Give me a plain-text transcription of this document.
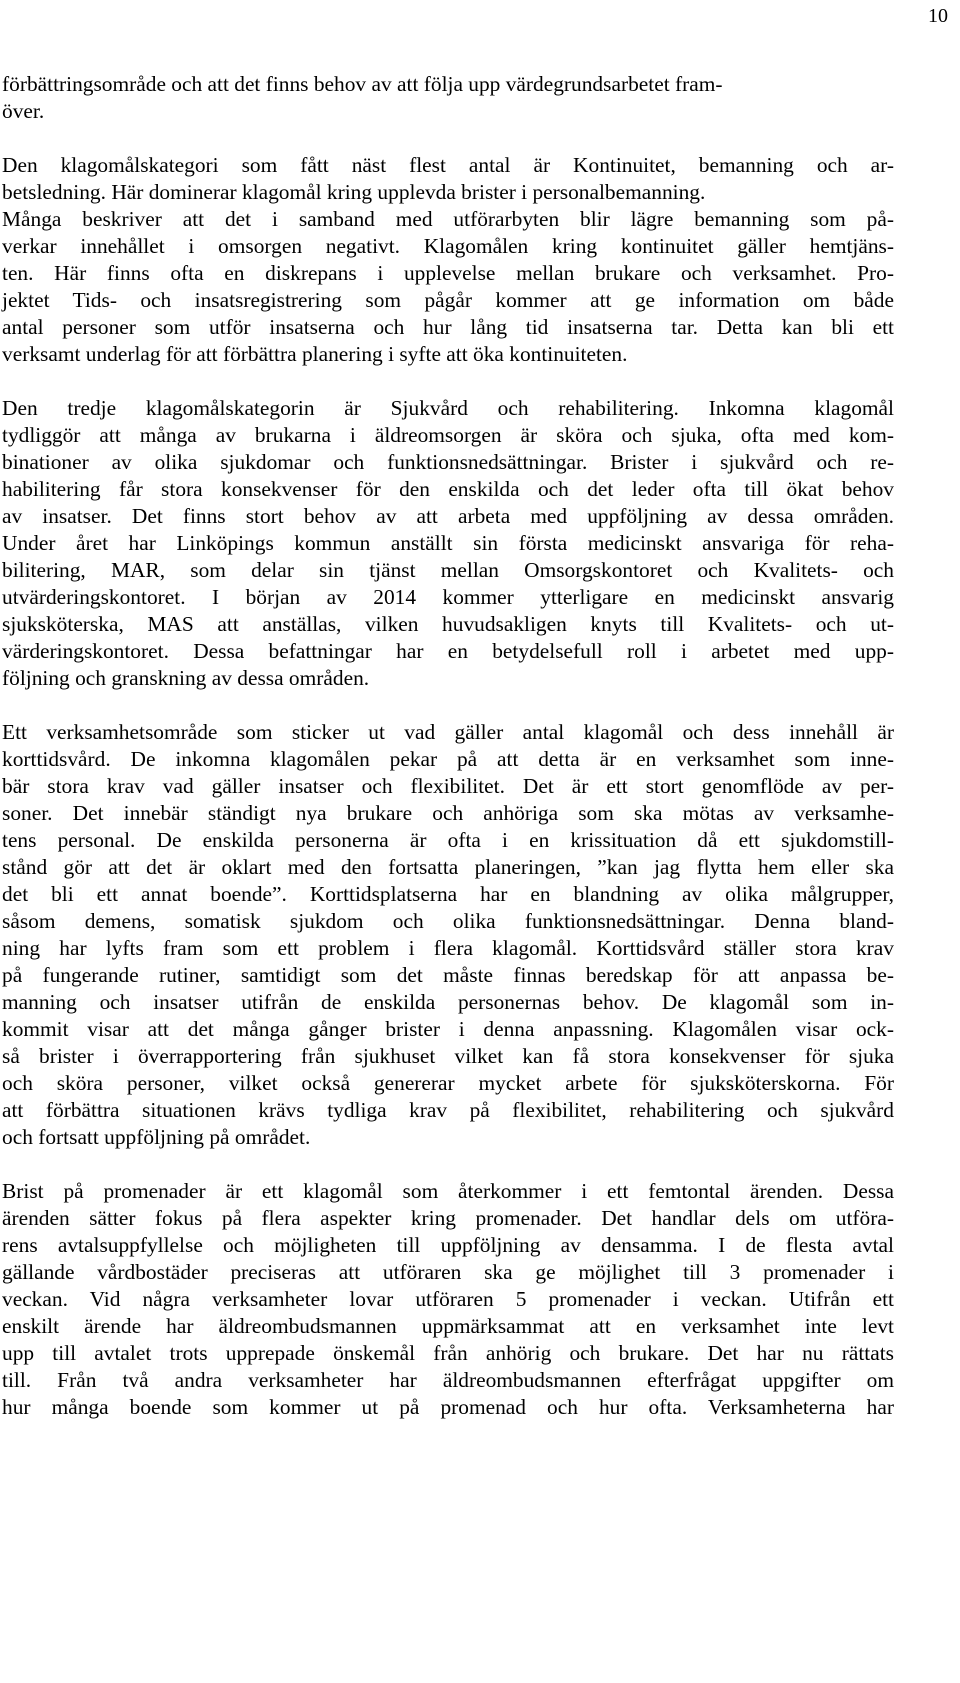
10
förbättringsområde och att det finns behov av att följa upp värdegrundsarbetet fram-
över.
Den klagomålskategori som fått näst flest antal är Kontinuitet, bemanning och ar-
betsledning. Här dominerar klagomål kring upplevda brister i personalbemanning.
Många beskriver att det i samband med utförarbyten blir lägre bemanning som på-
verkar innehållet i omsorgen negativt. Klagomålen kring kontinuitet gäller hemtjäns-
ten. Här finns ofta en diskrepans i upplevelse mellan brukare och verksamhet. Pro-
jektet Tids- och insatsregistrering som pågår kommer att ge information om både
antal personer som utför insatserna och hur lång tid insatserna tar. Detta kan bli ett
verksamt underlag för att förbättra planering i syfte att öka kontinuiteten.
Den tredje klagomålskategorin är Sjukvård och rehabilitering. Inkomna klagomål
tydliggör att många av brukarna i äldreomsorgen är sköra och sjuka, ofta med kom-
binationer av olika sjukdomar och funktionsnedsättningar. Brister i sjukvård och re-
habilitering får stora konsekvenser för den enskilda och det leder ofta till ökat behov
av insatser. Det finns stort behov av att arbeta med uppföljning av dessa områden.
Under året har Linköpings kommun anställt sin första medicinskt ansvariga för reha-
bilitering, MAR, som delar sin tjänst mellan Omsorgskontoret och Kvalitets- och
utvärderingskontoret. I början av 2014 kommer ytterligare en medicinskt ansvarig
sjuksköterska, MAS att anställas, vilken huvudsakligen knyts till Kvalitets- och ut-
värderingskontoret. Dessa befattningar har en betydelsefull roll i arbetet med upp-
följning och granskning av dessa områden.
Ett verksamhetsområde som sticker ut vad gäller antal klagomål och dess innehåll är
korttidsvård. De inkomna klagomålen pekar på att detta är en verksamhet som inne-
bär stora krav vad gäller insatser och flexibilitet. Det är ett stort genomflöde av per-
soner. Det innebär ständigt nya brukare och anhöriga som ska mötas av verksamhe-
tens personal. De enskilda personerna är ofta i en krissituation då ett sjukdomstill-
stånd gör att det är oklart med den fortsatta planeringen, ”kan jag flytta hem eller ska
det bli ett annat boende”. Korttidsplatserna har en blandning av olika målgrupper,
såsom demens, somatisk sjukdom och olika funktionsnedsättningar. Denna bland-
ning har lyfts fram som ett problem i flera klagomål. Korttidsvård ställer stora krav
på fungerande rutiner, samtidigt som det måste finnas beredskap för att anpassa be-
manning och insatser utifrån de enskilda personernas behov. De klagomål som in-
kommit visar att det många gånger brister i denna anpassning. Klagomålen visar ock-
så brister i överrapportering från sjukhuset vilket kan få stora konsekvenser för sjuka
och sköra personer, vilket också genererar mycket arbete för sjuksköterskorna. För
att förbättra situationen krävs tydliga krav på flexibilitet, rehabilitering och sjukvård
och fortsatt uppföljning på området.
Brist på promenader är ett klagomål som återkommer i ett femtontal ärenden. Dessa
ärenden sätter fokus på flera aspekter kring promenader. Det handlar dels om utföra-
rens avtalsuppfyllelse och möjligheten till uppföljning av densamma. I de flesta avtal
gällande vårdbostäder preciseras att utföraren ska ge möjlighet till 3 promenader i
veckan. Vid några verksamheter lovar utföraren 5 promenader i veckan. Utifrån ett
enskilt ärende har äldreombudsmannen uppmärksammat att en verksamhet inte levt
upp till avtalet trots upprepade önskemål från anhörig och brukare. Det har nu rättats
till. Från två andra verksamheter har äldreombudsmannen efterfrågat uppgifter om
hur många boende som kommer ut på promenad och hur ofta. Verksamheterna har
